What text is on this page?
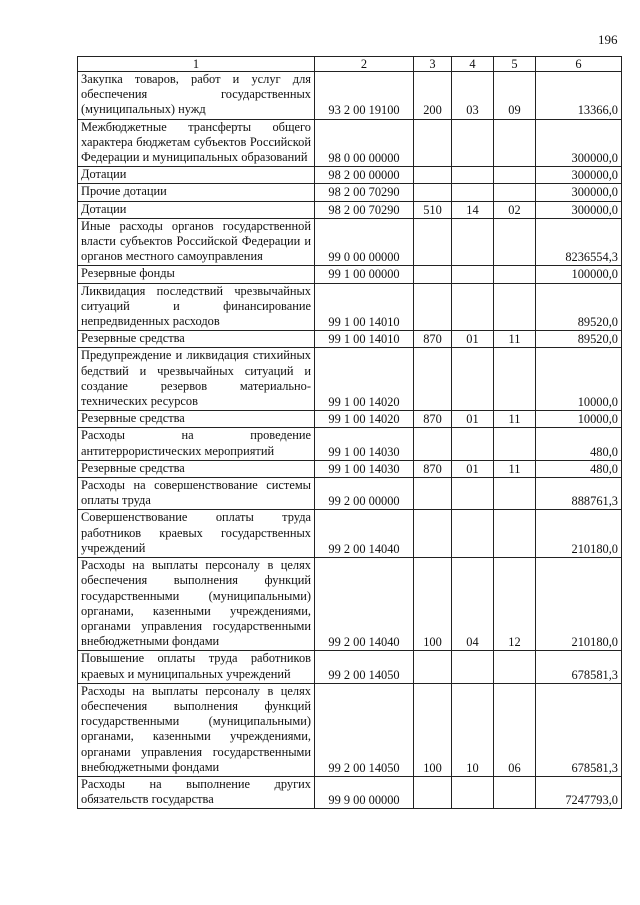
196
1	2	3	4	5	6
Закупка товаров, работ и услуг для обеспечения государственных (муниципальных) нужд	93 2 00 19100	200	03	09	13366,0
Межбюджетные трансферты общего характера бюджетам субъектов Российской Федерации и муниципальных образований	98 0 00 00000				300000,0
Дотации	98 2 00 00000				300000,0
Прочие дотации	98 2 00 70290				300000,0
Дотации	98 2 00 70290	510	14	02	300000,0
Иные расходы органов государственной власти субъектов Российской Федерации и органов местного самоуправления	99 0 00 00000				8236554,3
Резервные фонды	99 1 00 00000				100000,0
Ликвидация последствий чрезвычайных ситуаций и финансирование непредвиденных расходов	99 1 00 14010				89520,0
Резервные средства	99 1 00 14010	870	01	11	89520,0
Предупреждение и ликвидация стихийных бедствий и чрезвычайных ситуаций и создание резервов материально-технических ресурсов	99 1 00 14020				10000,0
Резервные средства	99 1 00 14020	870	01	11	10000,0
Расходы на проведение антитеррористических мероприятий	99 1 00 14030				480,0
Резервные средства	99 1 00 14030	870	01	11	480,0
Расходы на совершенствование системы оплаты труда	99 2 00 00000				888761,3
Совершенствование оплаты труда работников краевых государственных учреждений	99 2 00 14040				210180,0
Расходы на выплаты персоналу в целях обеспечения выполнения функций государственными (муниципальными) органами, казенными учреждениями, органами управления государственными внебюджетными фондами	99 2 00 14040	100	04	12	210180,0
Повышение оплаты труда работников краевых и муниципальных учреждений	99 2 00 14050				678581,3
Расходы на выплаты персоналу в целях обеспечения выполнения функций государственными (муниципальными) органами, казенными учреждениями, органами управления государственными внебюджетными фондами	99 2 00 14050	100	10	06	678581,3
Расходы на выполнение других обязательств государства	99 9 00 00000				7247793,0
